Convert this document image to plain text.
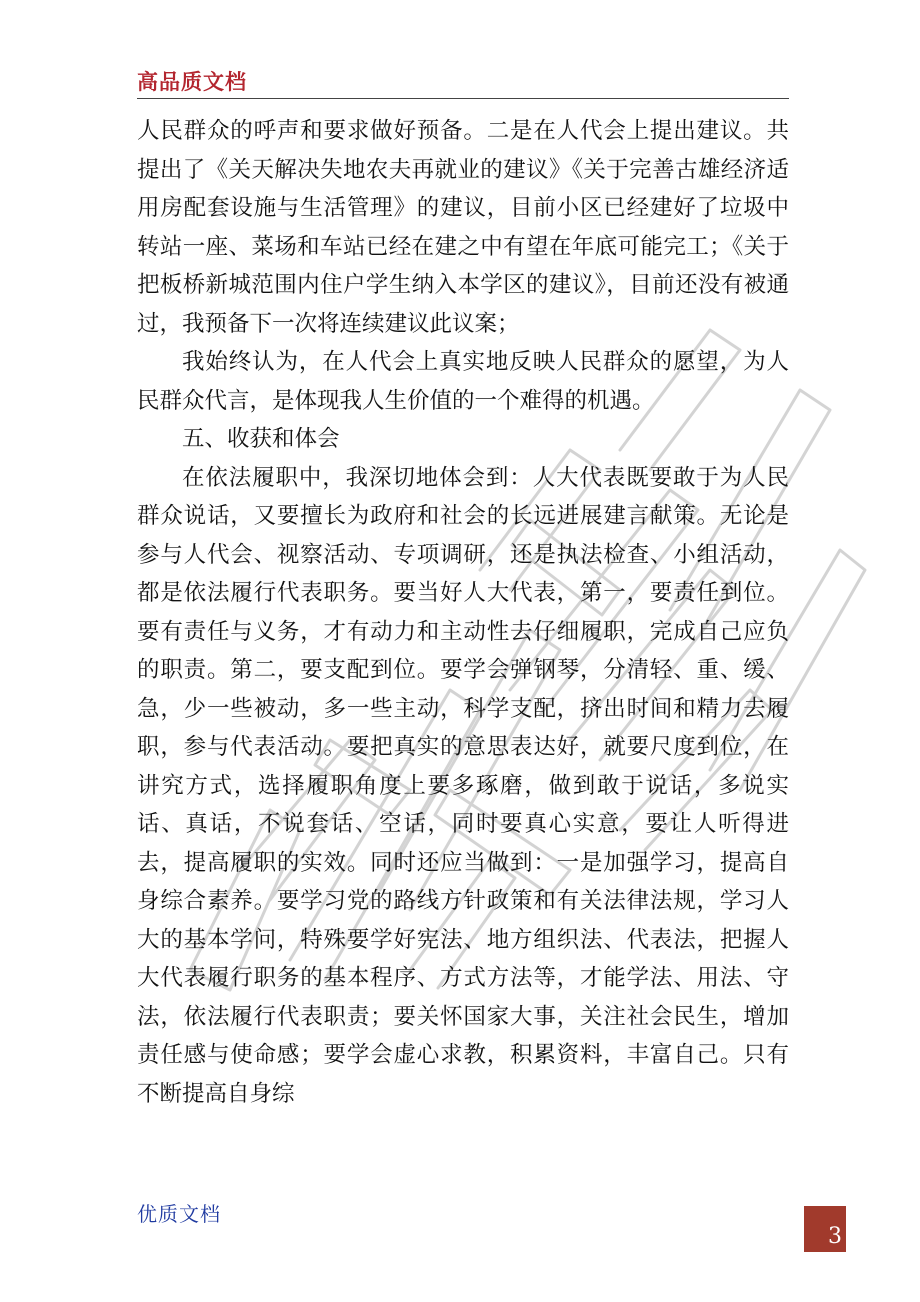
高品质文档

人民群众的呼声和要求做好预备。二是在人代会上提出建议。共提出了《关天解决失地农夫再就业的建议》《关于完善古雄经济适用房配套设施与生活管理》的建议，目前小区已经建好了垃圾中转站一座、菜场和车站已经在建之中有望在年底可能完工；《关于把板桥新城范围内住户学生纳入本学区的建议》，目前还没有被通过，我预备下一次将连续建议此议案；

我始终认为，在人代会上真实地反映人民群众的愿望，为人民群众代言，是体现我人生价值的一个难得的机遇。

五、收获和体会

在依法履职中，我深切地体会到：人大代表既要敢于为人民群众说话，又要擅长为政府和社会的长远进展建言献策。无论是参与人代会、视察活动、专项调研，还是执法检查、小组活动，都是依法履行代表职务。要当好人大代表，第一，要责任到位。要有责任与义务，才有动力和主动性去仔细履职，完成自己应负的职责。第二，要支配到位。要学会弹钢琴，分清轻、重、缓、急，少一些被动，多一些主动，科学支配，挤出时间和精力去履职，参与代表活动。要把真实的意思表达好，就要尺度到位，在讲究方式，选择履职角度上要多琢磨，做到敢于说话，多说实话、真话，不说套话、空话，同时要真心实意，要让人听得进去，提高履职的实效。同时还应当做到：一是加强学习，提高自身综合素养。要学习党的路线方针政策和有关法律法规，学习人大的基本学问，特殊要学好宪法、地方组织法、代表法，把握人大代表履行职务的基本程序、方式方法等，才能学法、用法、守法，依法履行代表职责；要关怀国家大事，关注社会民生，增加责任感与使命感；要学会虚心求教，积累资料，丰富自己。只有不断提高自身综

优质文档
3
